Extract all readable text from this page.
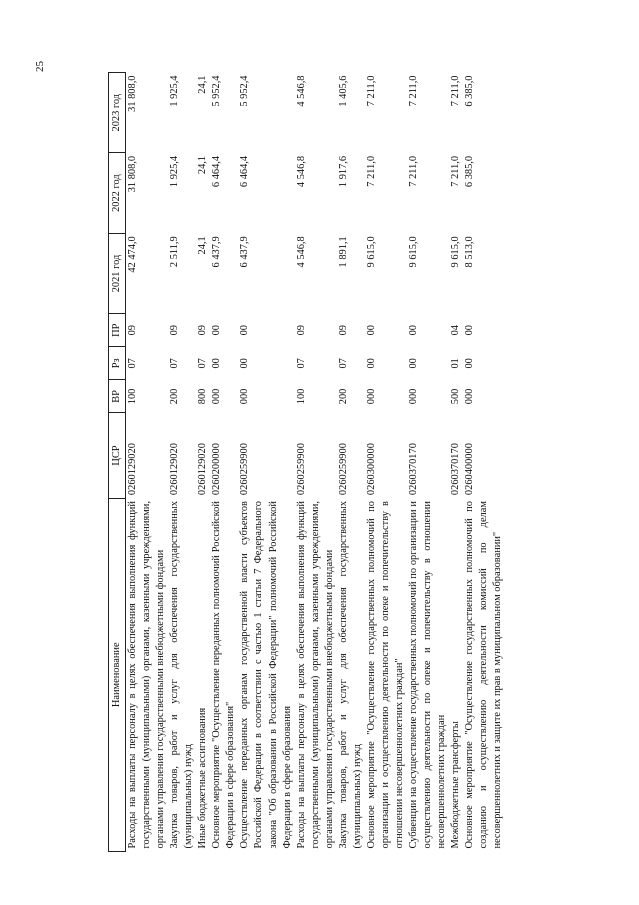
25
Наименование	ЦСР	ВР	Рз	ПР	2021 год	2022 год	2023 год
Расходы на выплаты персоналу в целях обеспечения выполнения функций государственными (муниципальными) органами, казенными учреждениями, органами управления государственными внебюджетными фондами	0260129020	100	07	09	42 474,0	31 808,0	31 808,0
Закупка товаров, работ и услуг для обеспечения государственных (муниципальных) нужд	0260129020	200	07	09	2 511,9	1 925,4	1 925,4
Иные бюджетные ассигнования	0260129020	800	07	09	24,1	24,1	24,1
Основное мероприятие "Осуществление переданных полномочий Российской Федерации в сфере образования"	0260200000	000	00	00	6 437,9	6 464,4	5 952,4
Осуществление переданных органам государственной власти субъектов Российской Федерации в соответствии с частью 1 статьи 7 Федерального закона "Об образовании в Российской Федерации" полномочий Российской Федерации в сфере образования	0260259900	000	00	00	6 437,9	6 464,4	5 952,4
Расходы на выплаты персоналу в целях обеспечения выполнения функций государственными (муниципальными) органами, казенными учреждениями, органами управления государственными внебюджетными фондами	0260259900	100	07	09	4 546,8	4 546,8	4 546,8
Закупка товаров, работ и услуг для обеспечения государственных (муниципальных) нужд	0260259900	200	07	09	1 891,1	1 917,6	1 405,6
Основное мероприятие "Осуществление государственных полномочий по организации и осуществлению деятельности по опеке и попечительству в отношении несовершеннолетних граждан"	0260300000	000	00	00	9 615,0	7 211,0	7 211,0
Субвенции на осуществление государственных полномочий по организации и осуществлению деятельности по опеке и попечительству в отношении несовершеннолетних граждан	0260370170	000	00	00	9 615,0	7 211,0	7 211,0
Межбюджетные трансферты	0260370170	500	01	04	9 615,0	7 211,0	7 211,0
Основное мероприятие "Осуществление государственных полномочий по созданию и осуществлению деятельности комиссий по делам несовершеннолетних и защите их прав в муниципальном образовании"	0260400000	000	00	00	8 513,0	6 385,0	6 385,0
